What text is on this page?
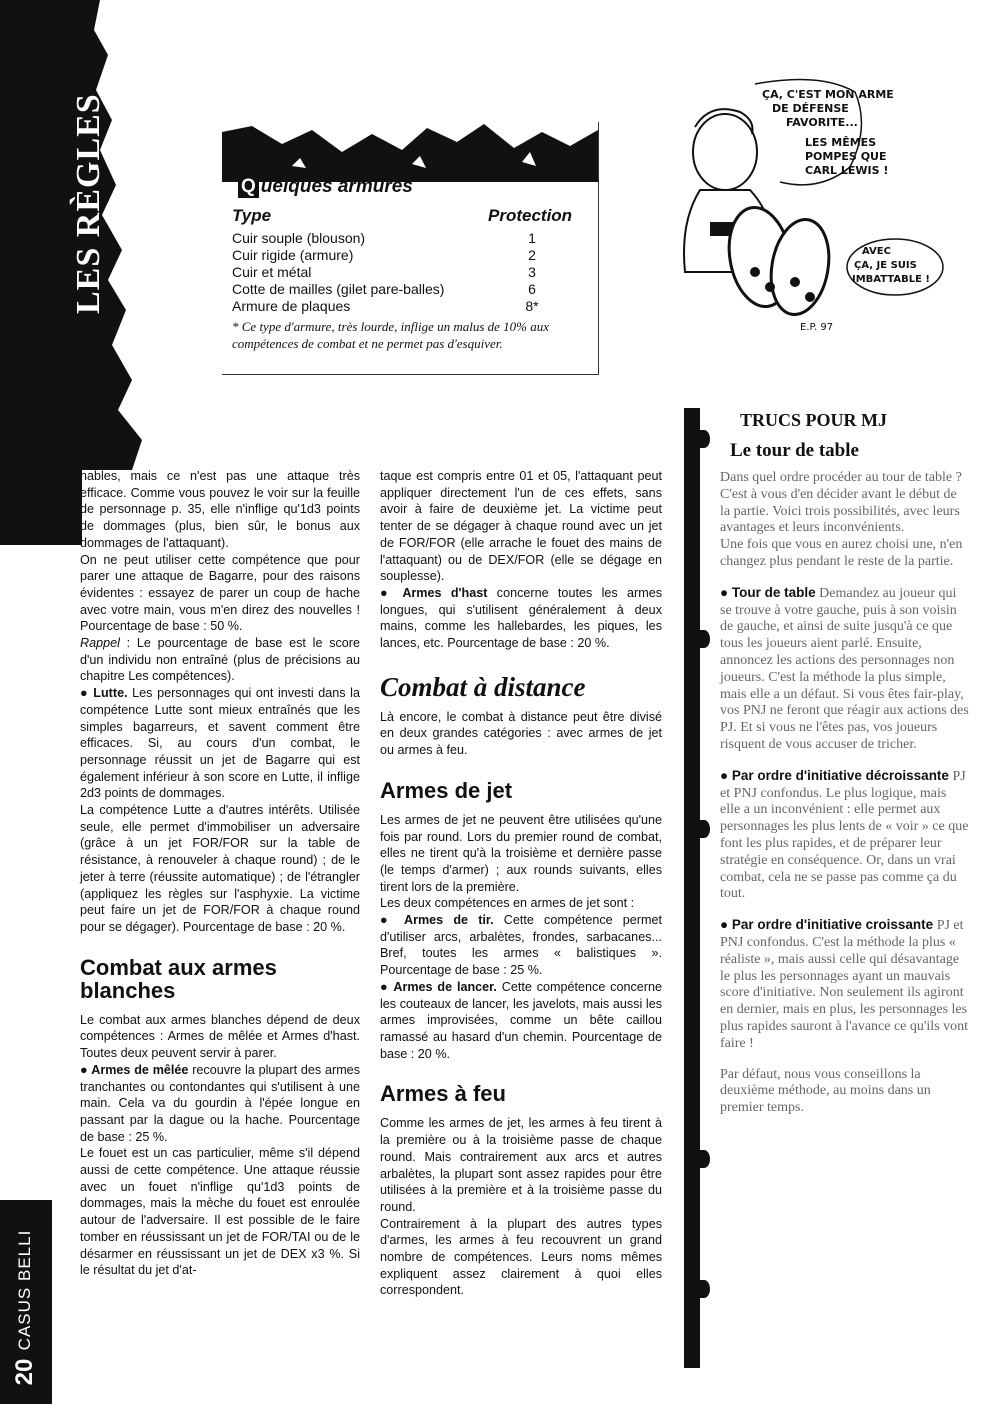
LES RÈGLES
CASUS BELLI
20
Q uelques armures
Type	Protection
Cuir souple (blouson)	1
Cuir rigide (armure)	2
Cuir et métal	3
Cotte de mailles (gilet pare-balles)	6
Armure de plaques	8*
* Ce type d'armure, très lourde, inflige un malus de 10% aux compétences de combat et ne permet pas d'esquiver.
ÇA, C'EST MON ARME
DE DÉFENSE
FAVORITE...
LES MÊMES
POMPES QUE
CARL LEWIS !
AVEC
ÇA, JE SUIS
IMBATTABLE !
E.P. 97

nables, mais ce n'est pas une attaque très efficace. Comme vous pouvez le voir sur la feuille de personnage p. 35, elle n'inflige qu'1d3 points de dommages (plus, bien sûr, le bonus aux dommages de l'attaquant).

On ne peut utiliser cette compétence que pour parer une attaque de Bagarre, pour des raisons évidentes : essayez de parer un coup de hache avec votre main, vous m'en direz des nouvelles ! Pourcentage de base : 50 %.

Rappel : Le pourcentage de base est le score d'un individu non entraîné (plus de précisions au chapitre Les compétences).

● Lutte. Les personnages qui ont investi dans la compétence Lutte sont mieux entraînés que les simples bagarreurs, et savent comment être efficaces. Si, au cours d'un combat, le personnage réussit un jet de Bagarre qui est également inférieur à son score en Lutte, il inflige 2d3 points de dommages.

La compétence Lutte a d'autres intérêts. Utilisée seule, elle permet d'immobiliser un adversaire (grâce à un jet FOR/FOR sur la table de résistance, à renouveler à chaque round) ; de le jeter à terre (réussite automatique) ; de l'étrangler (appliquez les règles sur l'asphyxie. La victime peut faire un jet de FOR/FOR à chaque round pour se dégager). Pourcentage de base : 20 %.

Combat aux armes blanches

Le combat aux armes blanches dépend de deux compétences : Armes de mêlée et Armes d'hast. Toutes deux peuvent servir à parer.

● Armes de mêlée recouvre la plupart des armes tranchantes ou contondantes qui s'utilisent à une main. Cela va du gourdin à l'épée longue en passant par la dague ou la hache. Pourcentage de base : 25 %.

Le fouet est un cas particulier, même s'il dépend aussi de cette compétence. Une attaque réussie avec un fouet n'inflige qu'1d3 points de dommages, mais la mèche du fouet est enroulée autour de l'adversaire. Il est possible de le faire tomber en réussissant un jet de FOR/TAI ou de le désarmer en réussissant un jet de DEX x3 %. Si le résultat du jet d'at-

taque est compris entre 01 et 05, l'attaquant peut appliquer directement l'un de ces effets, sans avoir à faire de deuxième jet. La victime peut tenter de se dégager à chaque round avec un jet de FOR/FOR (elle arrache le fouet des mains de l'attaquant) ou de DEX/FOR (elle se dégage en souplesse).

● Armes d'hast concerne toutes les armes longues, qui s'utilisent généralement à deux mains, comme les hallebardes, les piques, les lances, etc. Pourcentage de base : 20 %.

Combat à distance

Là encore, le combat à distance peut être divisé en deux grandes catégories : avec armes de jet ou armes à feu.

Armes de jet

Les armes de jet ne peuvent être utilisées qu'une fois par round. Lors du premier round de combat, elles ne tirent qu'à la troisième et dernière passe (le temps d'armer) ; aux rounds suivants, elles tirent lors de la première.

Les deux compétences en armes de jet sont :

● Armes de tir. Cette compétence permet d'utiliser arcs, arbalètes, frondes, sarbacanes... Bref, toutes les armes « balistiques ». Pourcentage de base : 25 %.

● Armes de lancer. Cette compétence concerne les couteaux de lancer, les javelots, mais aussi les armes improvisées, comme un bête caillou ramassé au hasard d'un chemin. Pourcentage de base : 20 %.

Armes à feu

Comme les armes de jet, les armes à feu tirent à la première ou à la troisième passe de chaque round. Mais contrairement aux arcs et autres arbalètes, la plupart sont assez rapides pour être utilisées à la première et à la troisième passe du round.

Contrairement à la plupart des autres types d'armes, les armes à feu recouvrent un grand nombre de compétences. Leurs noms mêmes expliquent assez clairement à quoi elles correspondent.

TRUCS POUR MJ
Le tour de table

Dans quel ordre procéder au tour de table ? C'est à vous d'en décider avant le début de la partie. Voici trois possibilités, avec leurs avantages et leurs inconvénients.

Une fois que vous en aurez choisi une, n'en changez plus pendant le reste de la partie.

● Tour de table Demandez au joueur qui se trouve à votre gauche, puis à son voisin de gauche, et ainsi de suite jusqu'à ce que tous les joueurs aient parlé. Ensuite, annoncez les actions des personnages non joueurs. C'est la méthode la plus simple, mais elle a un défaut. Si vous êtes fair-play, vos PNJ ne feront que réagir aux actions des PJ. Et si vous ne l'êtes pas, vos joueurs risquent de vous accuser de tricher.

● Par ordre d'initiative décroissante PJ et PNJ confondus. Le plus logique, mais elle a un inconvénient : elle permet aux personnages les plus lents de « voir » ce que font les plus rapides, et de préparer leur stratégie en conséquence. Or, dans un vrai combat, cela ne se passe pas comme ça du tout.

● Par ordre d'initiative croissante PJ et PNJ confondus. C'est la méthode la plus « réaliste », mais aussi celle qui désavantage le plus les personnages ayant un mauvais score d'initiative. Non seulement ils agiront en dernier, mais en plus, les personnages les plus rapides sauront à l'avance ce qu'ils vont faire !

Par défaut, nous vous conseillons la deuxième méthode, au moins dans un premier temps.
